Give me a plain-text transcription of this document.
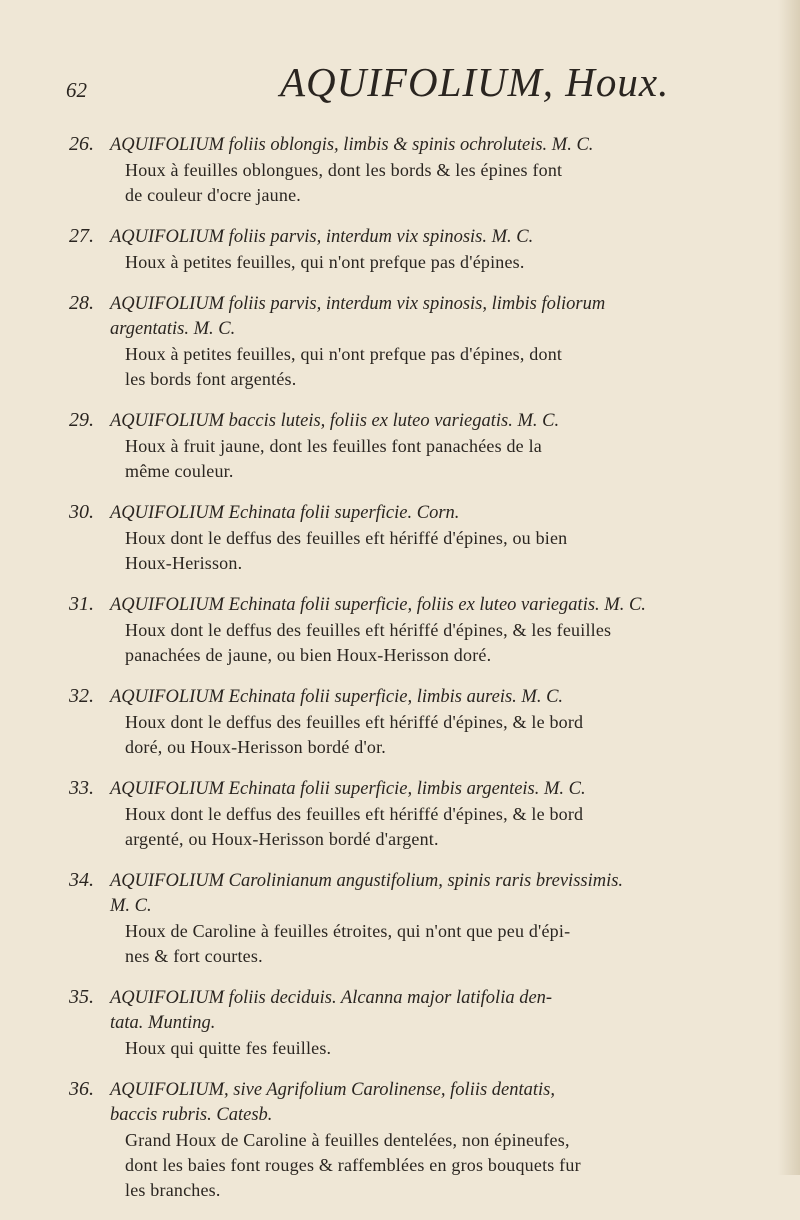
62	AQUIFOLIUM, Houx.
26. AQUIFOLIUM foliis oblongis, limbis & spinis ochroluteis. M. C.
Houx à feuilles oblongues, dont les bords & les épines font
de couleur d'ocre jaune.
27. AQUIFOLIUM foliis parvis, interdum vix spinosis. M. C.
Houx à petites feuilles, qui n'ont prefque pas d'épines.
28. AQUIFOLIUM foliis parvis, interdum vix spinosis, limbis foliorum
argentatis. M. C.
Houx à petites feuilles, qui n'ont prefque pas d'épines, dont
les bords font argentés.
29. AQUIFOLIUM baccis luteis, foliis ex luteo variegatis. M. C.
Houx à fruit jaune, dont les feuilles font panachées de la
même couleur.
30. AQUIFOLIUM Echinata folii superficie. Corn.
Houx dont le deffus des feuilles eft hériffé d'épines, ou bien
Houx-Herisson.
31. AQUIFOLIUM Echinata folii superficie, foliis ex luteo variegatis. M. C.
Houx dont le deffus des feuilles eft hériffé d'épines, & les feuilles
panachées de jaune, ou bien Houx-Herisson doré.
32. AQUIFOLIUM Echinata folii superficie, limbis aureis. M. C.
Houx dont le deffus des feuilles eft hériffé d'épines, & le bord
doré, ou Houx-Herisson bordé d'or.
33. AQUIFOLIUM Echinata folii superficie, limbis argenteis. M. C.
Houx dont le deffus des feuilles eft hériffé d'épines, & le bord
argenté, ou Houx-Herisson bordé d'argent.
34. AQUIFOLIUM Carolinianum angustifolium, spinis raris brevissimis.
M. C.
Houx de Caroline à feuilles étroites, qui n'ont que peu d'épi-
nes & fort courtes.
35. AQUIFOLIUM foliis deciduis. Alcanna major latifolia den-
tata. Munting.
Houx qui quitte fes feuilles.
36. AQUIFOLIUM, sive Agrifolium Carolinense, foliis dentatis,
baccis rubris. Catesb.
Grand Houx de Caroline à feuilles dentelées, non épineufes,
dont les baies font rouges & raffemblées en gros bouquets fur
les branches.
